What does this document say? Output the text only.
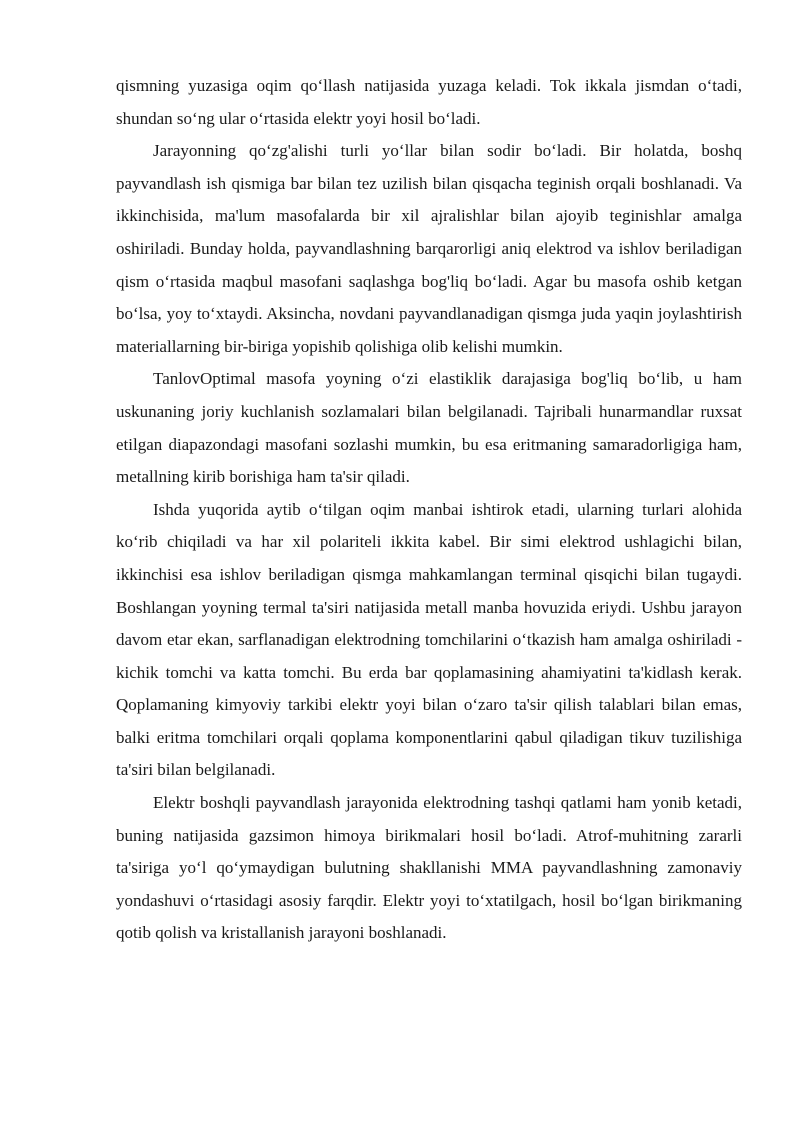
qismning yuzasiga oqim qo‘llash natijasida yuzaga keladi. Tok ikkala jismdan o‘tadi, shundan so‘ng ular o‘rtasida elektr yoyi hosil bo‘ladi.

Jarayonning qo‘zg'alishi turli yo‘llar bilan sodir bo‘ladi. Bir holatda, boshq payvandlash ish qismiga bar bilan tez uzilish bilan qisqacha teginish orqali boshlanadi. Va ikkinchisida, ma'lum masofalarda bir xil ajralishlar bilan ajoyib teginishlar amalga oshiriladi. Bunday holda, payvandlashning barqarorligi aniq elektrod va ishlov beriladigan qism o‘rtasida maqbul masofani saqlashga bog'liq bo‘ladi. Agar bu masofa oshib ketgan bo‘lsa, yoy to‘xtaydi. Aksincha, novdani payvandlanadigan qismga juda yaqin joylashtirish materiallarning bir-biriga yopishib qolishiga olib kelishi mumkin.

TanlovOptimal masofa yoyning o‘zi elastiklik darajasiga bog'liq bo‘lib, u ham uskunaning joriy kuchlanish sozlamalari bilan belgilanadi. Tajribali hunarmandlar ruxsat etilgan diapazondagi masofani sozlashi mumkin, bu esa eritmaning samaradorligiga ham, metallning kirib borishiga ham ta'sir qiladi.

Ishda yuqorida aytib o‘tilgan oqim manbai ishtirok etadi, ularning turlari alohida ko‘rib chiqiladi va har xil polariteli ikkita kabel. Bir simi elektrod ushlagichi bilan, ikkinchisi esa ishlov beriladigan qismga mahkamlangan terminal qisqichi bilan tugaydi. Boshlangan yoyning termal ta'siri natijasida metall manba hovuzida eriydi. Ushbu jarayon davom etar ekan, sarflanadigan elektrodning tomchilarini o‘tkazish ham amalga oshiriladi - kichik tomchi va katta tomchi. Bu erda bar qoplamasining ahamiyatini ta'kidlash kerak. Qoplamaning kimyoviy tarkibi elektr yoyi bilan o‘zaro ta'sir qilish talablari bilan emas, balki eritma tomchilari orqali qoplama komponentlarini qabul qiladigan tikuv tuzilishiga ta'siri bilan belgilanadi.

Elektr boshqli payvandlash jarayonida elektrodning tashqi qatlami ham yonib ketadi, buning natijasida gazsimon himoya birikmalari hosil bo‘ladi. Atrof-muhitning zararli ta'siriga yo‘l qo‘ymaydigan bulutning shakllanishi MMA payvandlashning zamonaviy yondashuvi o‘rtasidagi asosiy farqdir. Elektr yoyi to‘xtatilgach, hosil bo‘lgan birikmaning qotib qolish va kristallanish jarayoni boshlanadi.
